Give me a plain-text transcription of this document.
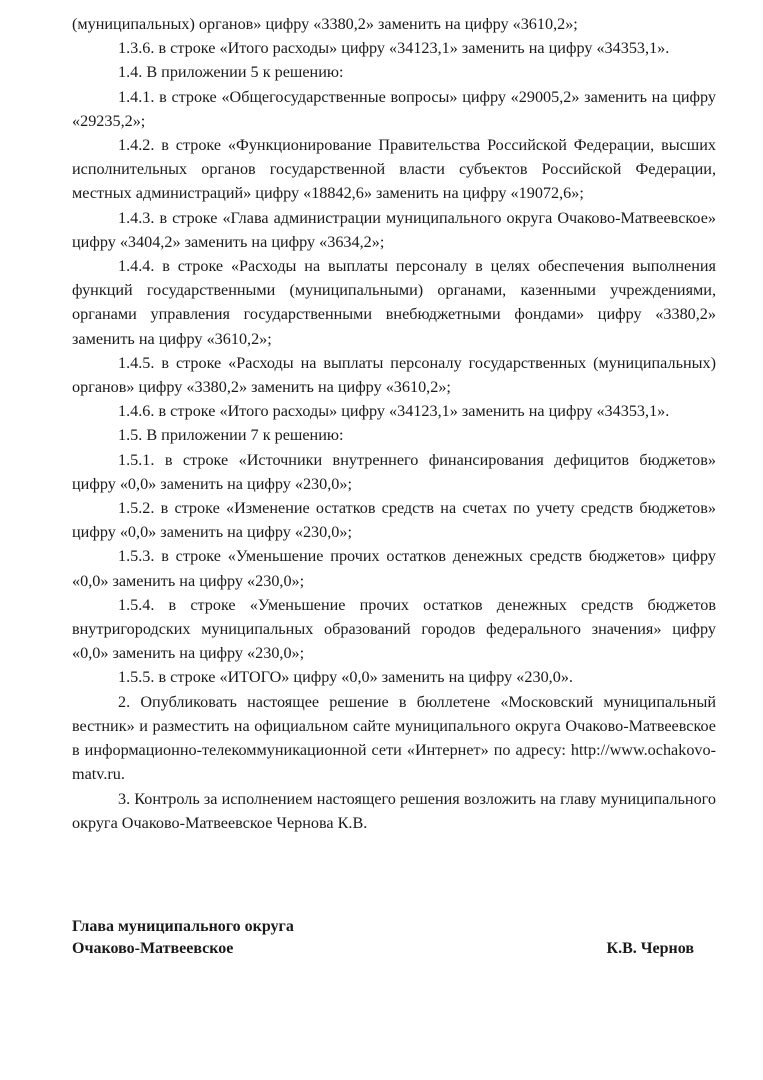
(муниципальных) органов» цифру «3380,2» заменить на цифру «3610,2»;

1.3.6. в строке «Итого расходы» цифру «34123,1» заменить на цифру «34353,1».

1.4. В приложении 5 к решению:

1.4.1. в строке «Общегосударственные вопросы» цифру «29005,2» заменить на цифру «29235,2»;

1.4.2. в строке «Функционирование Правительства Российской Федерации, высших исполнительных органов государственной власти субъектов Российской Федерации, местных администраций» цифру «18842,6» заменить на цифру «19072,6»;

1.4.3. в строке «Глава администрации муниципального округа Очаково-Матвеевское» цифру «3404,2» заменить на цифру «3634,2»;

1.4.4. в строке «Расходы на выплаты персоналу в целях обеспечения выполнения функций государственными (муниципальными) органами, казенными учреждениями, органами управления государственными внебюджетными фондами» цифру «3380,2» заменить на цифру «3610,2»;

1.4.5. в строке «Расходы на выплаты персоналу государственных (муниципальных) органов» цифру «3380,2» заменить на цифру «3610,2»;

1.4.6. в строке «Итого расходы» цифру «34123,1» заменить на цифру «34353,1».

1.5. В приложении 7 к решению:

1.5.1. в строке «Источники внутреннего финансирования дефицитов бюджетов» цифру «0,0» заменить на цифру «230,0»;

1.5.2. в строке «Изменение остатков средств на счетах по учету средств бюджетов» цифру «0,0» заменить на цифру «230,0»;

1.5.3. в строке «Уменьшение прочих остатков денежных средств бюджетов» цифру «0,0» заменить на цифру «230,0»;

1.5.4. в строке «Уменьшение прочих остатков денежных средств бюджетов внутригородских муниципальных образований городов федерального значения» цифру «0,0» заменить на цифру «230,0»;

1.5.5. в строке «ИТОГО» цифру «0,0» заменить на цифру «230,0».

2. Опубликовать настоящее решение в бюллетене «Московский муниципальный вестник» и разместить на официальном сайте муниципального округа Очаково-Матвеевское в информационно-телекоммуникационной сети «Интернет» по адресу: http://www.ochakovo-matv.ru.

3. Контроль за исполнением настоящего решения возложить на главу муниципального округа Очаково-Матвеевское Чернова К.В.

Глава муниципального округа
Очаково-Матвеевское	К.В. Чернов
